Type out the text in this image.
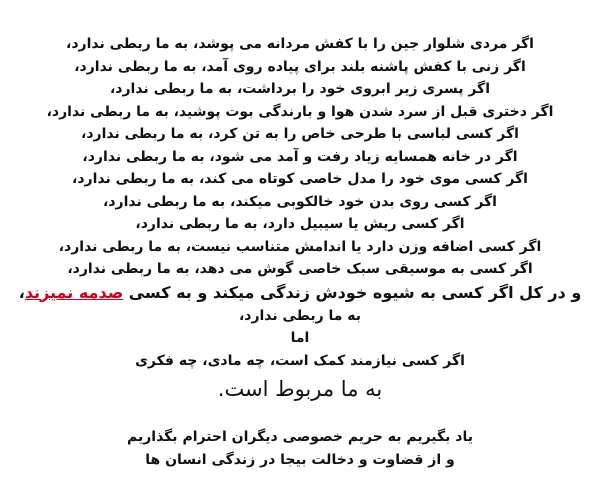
اگر مردی شلوار جین را با کفش مردانه می پوشد، به ما ربطی ندارد،
اگر زنی با کفش پاشنه بلند برای پیاده روی آمد، به ما ربطی ندارد،
اگر پسری زیر ابروی خود را برداشت، به ما ربطی ندارد،
اگر دختری قبل از سرد شدن هوا و بارندگی بوت پوشید، به ما ربطی ندارد،
اگر کسی لباسی با طرحی خاص را به تن کرد، به ما ربطی ندارد،
اگر در خانه همسایه زیاد رفت و آمد می شود، به ما ربطی ندارد،
اگر کسی موی خود را مدل خاصی کوتاه می کند، به ما ربطی ندارد،
اگر کسی روی بدن خود خالکوبی میکند، به ما ربطی ندارد،
اگر کسی ریش یا سیبیل دارد، به ما ربطی ندارد،
اگر کسی اضافه وزن دارد یا اندامش متناسب نیست، به ما ربطی ندارد،
اگر کسی به موسیقی سبک خاصی گوش می دهد، به ما ربطی ندارد،
و در کل اگر کسی به شیوه خودش زندگی میکند و به کسی صدمه نمیزند،
به ما ربطی ندارد،
اما
اگر کسی نیازمند کمک است، چه مادی، چه فکری
به ما مربوط است.
یاد بگیریم به حریم خصوصی دیگران احترام بگذاریم
و از قضاوت و دخالت بیجا در زندگی انسان ها
